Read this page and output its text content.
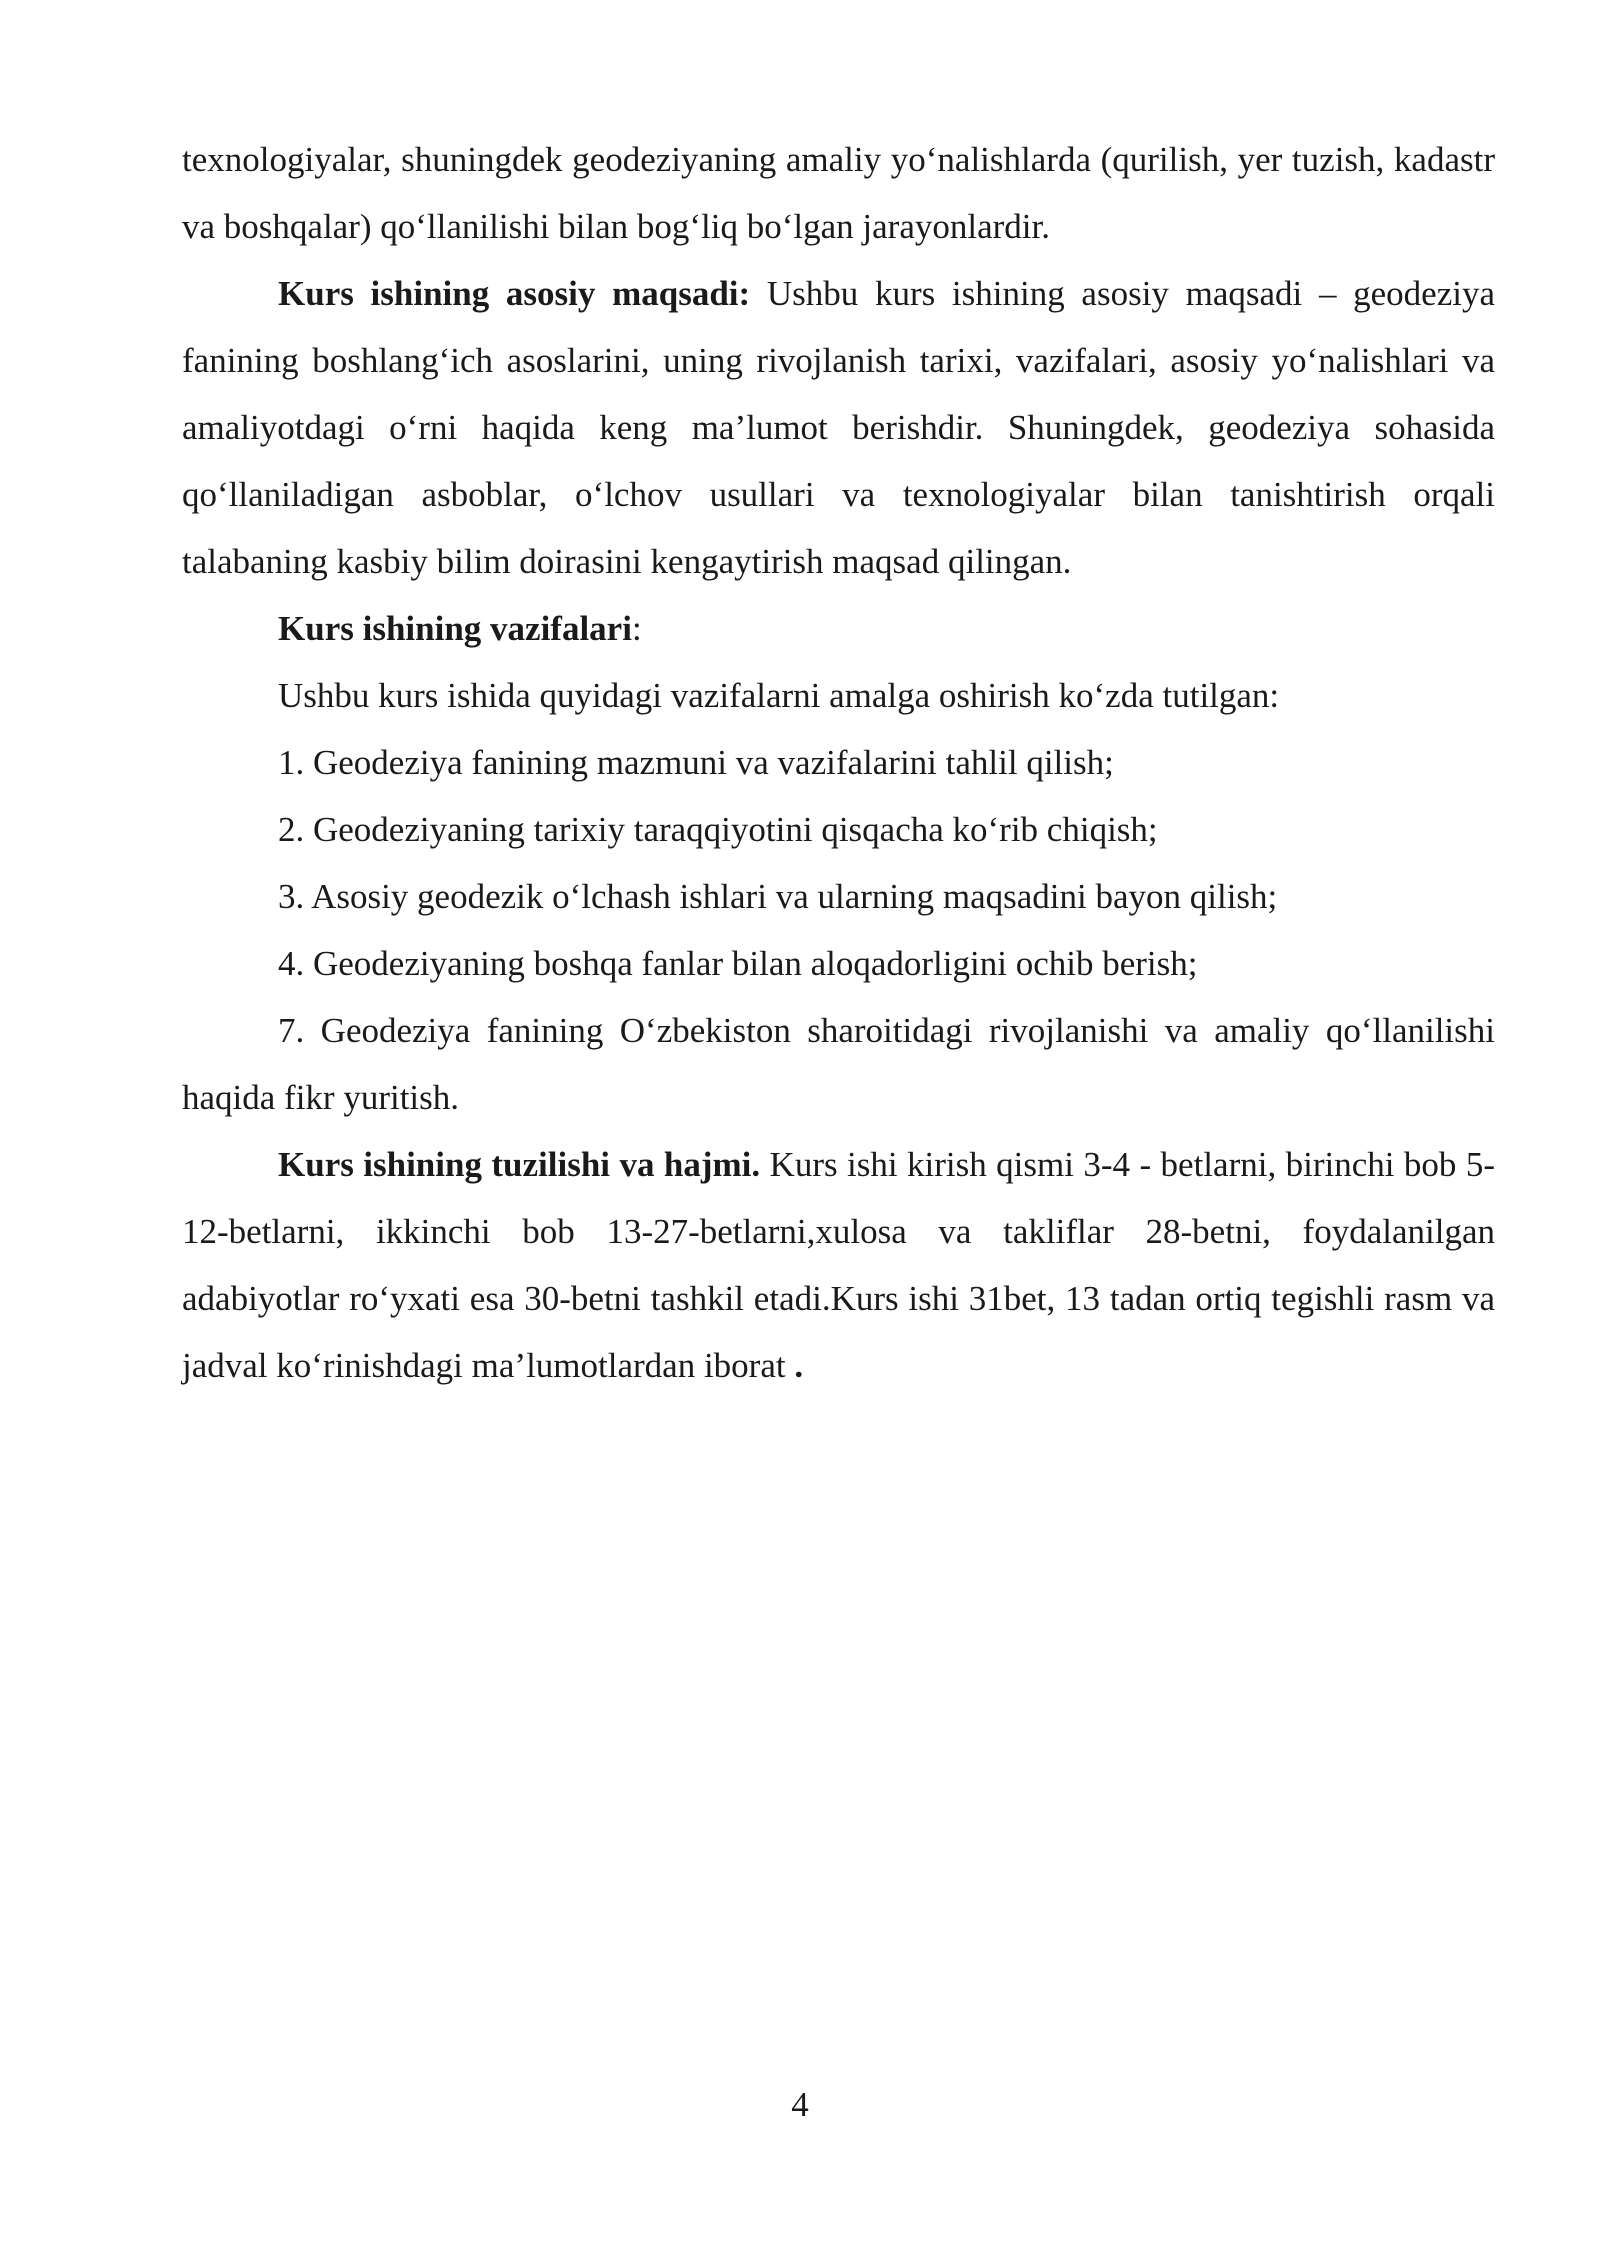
texnologiyalar, shuningdek geodeziyaning amaliy yo‘nalishlarda (qurilish, yer tuzish, kadastr va boshqalar) qo‘llanilishi bilan bog‘liq bo‘lgan jarayonlardir.

Kurs ishining asosiy maqsadi: Ushbu kurs ishining asosiy maqsadi – geodeziya fanining boshlang‘ich asoslarini, uning rivojlanish tarixi, vazifalari, asosiy yo‘nalishlari va amaliyotdagi o‘rni haqida keng ma’lumot berishdir. Shuningdek, geodeziya sohasida qo‘llaniladigan asboblar, o‘lchov usullari va texnologiyalar bilan tanishtirish orqali talabaning kasbiy bilim doirasini kengaytirish maqsad qilingan.

Kurs ishining vazifalari:

Ushbu kurs ishida quyidagi vazifalarni amalga oshirish ko‘zda tutilgan:

1. Geodeziya fanining mazmuni va vazifalarini tahlil qilish;

2. Geodeziyaning tarixiy taraqqiyotini qisqacha ko‘rib chiqish;

3. Asosiy geodezik o‘lchash ishlari va ularning maqsadini bayon qilish;

4. Geodeziyaning boshqa fanlar bilan aloqadorligini ochib berish;

7. Geodeziya fanining O‘zbekiston sharoitidagi rivojlanishi va amaliy qo‘llanilishi haqida fikr yuritish.

Kurs ishining tuzilishi va hajmi. Kurs ishi kirish qismi 3-4 - betlarni, birinchi bob 5-12-betlarni, ikkinchi bob 13-27-betlarni,xulosa va takliflar 28-betni, foydalanilgan adabiyotlar ro‘yxati esa 30-betni tashkil etadi.Kurs ishi 31bet, 13 tadan ortiq tegishli rasm va jadval ko‘rinishdagi ma’lumotlardan iborat .

4
